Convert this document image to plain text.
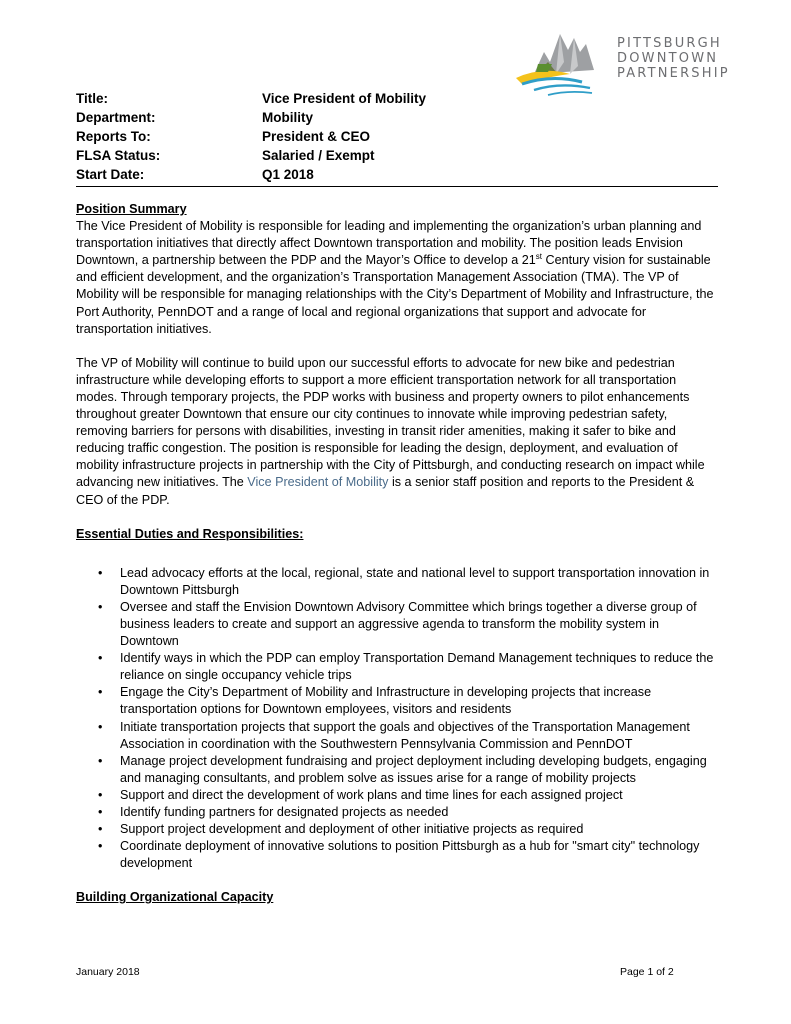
PITTSBURGH
DOWNTOWN
PARTNERSHIP
Title:	Vice President of Mobility
Department:	Mobility
Reports To:	President & CEO
FLSA Status:	Salaried / Exempt
Start Date:	Q1 2018
Position Summary

The Vice President of Mobility is responsible for leading and implementing the organization’s urban planning and transportation initiatives that directly affect Downtown transportation and mobility. The position leads Envision Downtown, a partnership between the PDP and the Mayor’s Office to develop a 21st Century vision for sustainable and efficient development, and the organization’s Transportation Management Association (TMA). The VP of Mobility will be responsible for managing relationships with the City’s Department of Mobility and Infrastructure, the Port Authority, PennDOT and a range of local and regional organizations that support and advocate for transportation initiatives.

The VP of Mobility will continue to build upon our successful efforts to advocate for new bike and pedestrian infrastructure while developing efforts to support a more efficient transportation network for all transportation modes. Through temporary projects, the PDP works with business and property owners to pilot enhancements throughout greater Downtown that ensure our city continues to innovate while improving pedestrian safety, removing barriers for persons with disabilities, investing in transit rider amenities, making it safer to bike and reducing traffic congestion. The position is responsible for leading the design, deployment, and evaluation of mobility infrastructure projects in partnership with the City of Pittsburgh, and conducting research on impact while advancing new initiatives. The Vice President of Mobility is a senior staff position and reports to the President & CEO of the PDP.

Essential Duties and Responsibilities:
• Lead advocacy efforts at the local, regional, state and national level to support transportation innovation in Downtown Pittsburgh
• Oversee and staff the Envision Downtown Advisory Committee which brings together a diverse group of business leaders to create and support an aggressive agenda to transform the mobility system in Downtown
• Identify ways in which the PDP can employ Transportation Demand Management techniques to reduce the reliance on single occupancy vehicle trips
• Engage the City’s Department of Mobility and Infrastructure in developing projects that increase transportation options for Downtown employees, visitors and residents
• Initiate transportation projects that support the goals and objectives of the Transportation Management Association in coordination with the Southwestern Pennsylvania Commission and PennDOT
• Manage project development fundraising and project deployment including developing budgets, engaging and managing consultants, and problem solve as issues arise for a range of mobility projects
• Support and direct the development of work plans and time lines for each assigned project
• Identify funding partners for designated projects as needed
• Support project development and deployment of other initiative projects as required
• Coordinate deployment of innovative solutions to position Pittsburgh as a hub for "smart city" technology development
Building Organizational Capacity
January 2018	Page 1 of 2
